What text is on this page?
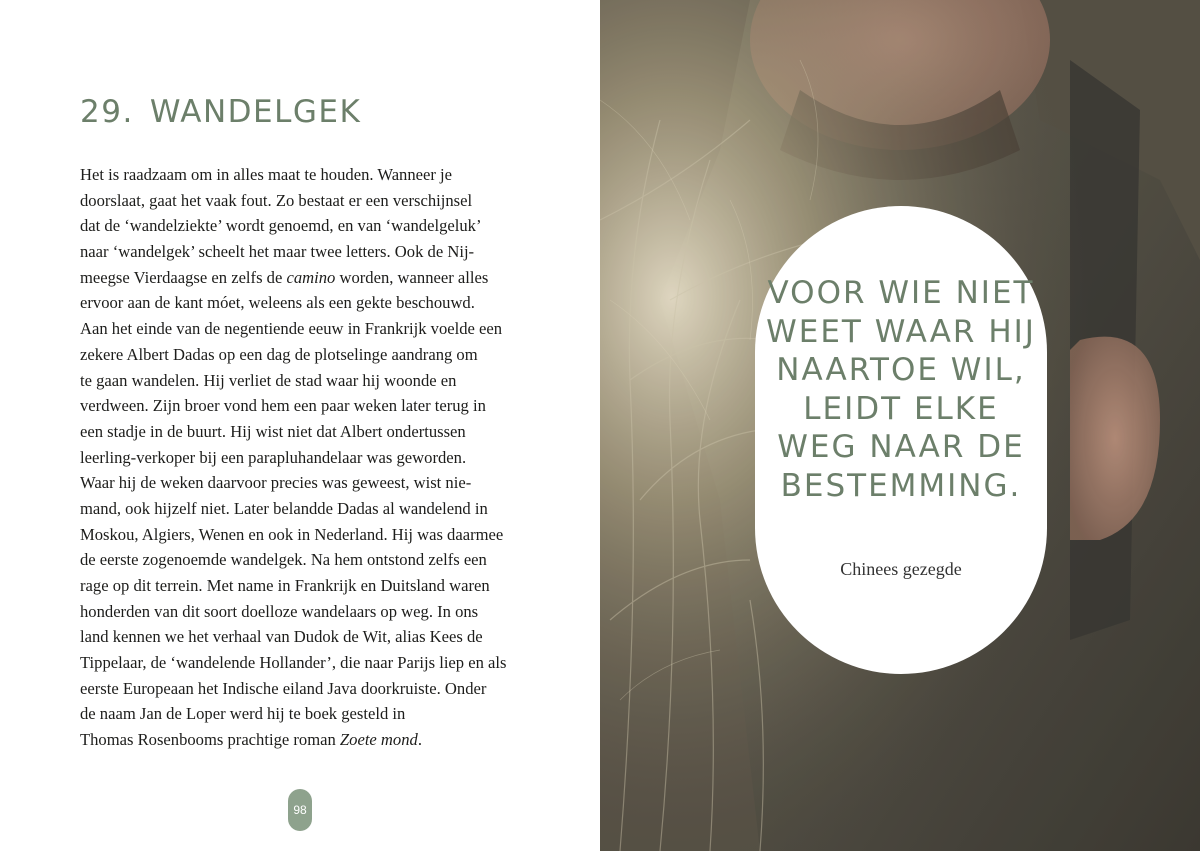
29. WANDELGEK
Het is raadzaam om in alles maat te houden. Wanneer je
doorslaat, gaat het vaak fout. Zo bestaat er een verschijnsel
dat de ‘wandelziekte’ wordt genoemd, en van ‘wandelgeluk’
naar ‘wandelgek’ scheelt het maar twee letters. Ook de Nij-
meegse Vierdaagse en zelfs de camino worden, wanneer alles
ervoor aan de kant móet, weleens als een gekte beschouwd.
Aan het einde van de negentiende eeuw in Frankrijk voelde een
zekere Albert Dadas op een dag de plotselinge aandrang om
te gaan wandelen. Hij verliet de stad waar hij woonde en
verdween. Zijn broer vond hem een paar weken later terug in
een stadje in de buurt. Hij wist niet dat Albert ondertussen
leerling-verkoper bij een parapluhandelaar was geworden.
Waar hij de weken daarvoor precies was geweest, wist nie-
mand, ook hijzelf niet. Later belandde Dadas al wandelend in
Moskou, Algiers, Wenen en ook in Nederland. Hij was daarmee
de eerste zogenoemde wandelgek. Na hem ontstond zelfs een
rage op dit terrein. Met name in Frankrijk en Duitsland waren
honderden van dit soort doelloze wandelaars op weg. In ons
land kennen we het verhaal van Dudok de Wit, alias Kees de
Tippelaar, de ‘wandelende Hollander’, die naar Parijs liep en als
eerste Europeaan het Indische eiland Java doorkruiste. Onder
de naam Jan de Loper werd hij te boek gesteld in
Thomas Rosenbooms prachtige roman Zoete mond.
98
VOOR WIE NIET
WEET WAAR HIJ
NAARTOE WIL,
LEIDT ELKE
WEG NAAR DE
BESTEMMING.
Chinees gezegde
